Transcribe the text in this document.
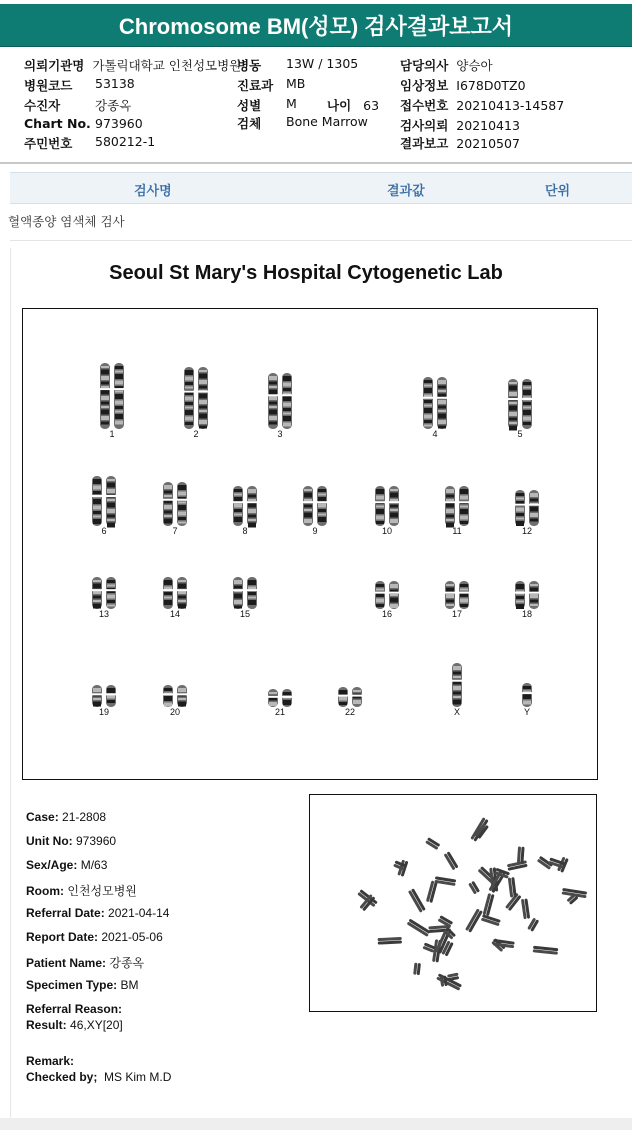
Chromosome BM(성모) 검사결과보고서
의뢰기관명 가톨릭대학교 인천성모병원
병동 13W / 1305	담당의사 양승아
병원코드 53138	진료과 MB	임상정보 I678D0TZ0
수진자	강종옥	성별 M 나이 63 접수번호 20210413-14587
Chart No. 973960	검체 Bone Marrow	검사의뢰 20210413
주민번호 580212-1	결과보고 20210507
검사명	결과값	단위
혈액종양 염색체 검사
Seoul St Mary's Hospital Cytogenetic Lab
1	2	3	4	5
6	7	8	9	10	11	12
13	14	15	16	17	18
19	20	21	22	X	Y
Case: 21-2808
Unit No: 973960
Sex/Age: M/63
Room: 인천성모병원
Referral Date: 2021-04-14
Report Date: 2021-05-06
Patient Name: 강종옥
Specimen Type: BM
Referral Reason:
Result: 46,XY[20]
Remark:
Checked by; MS Kim M.D
